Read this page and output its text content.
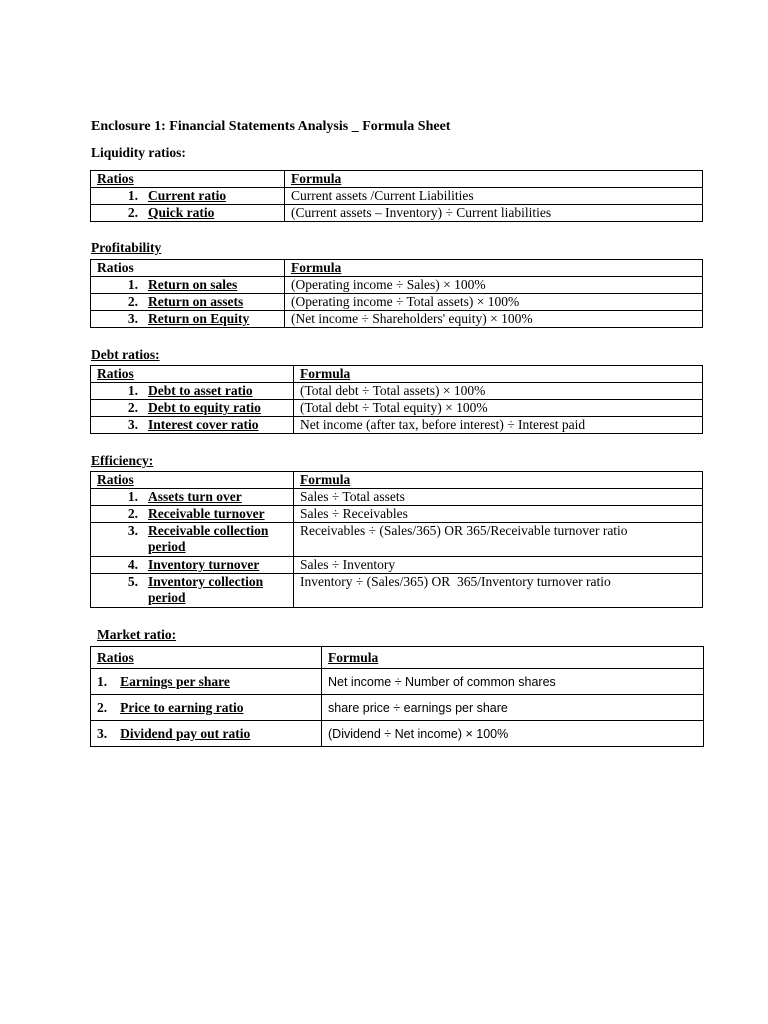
Enclosure 1: Financial Statements Analysis _ Formula Sheet
Liquidity ratios:
Ratios	Formula
1. Current ratio	Current assets /Current Liabilities
2. Quick ratio	(Current assets – Inventory) ÷ Current liabilities
Profitability
Ratios	Formula
1. Return on sales	(Operating income ÷ Sales) × 100%
2. Return on assets	(Operating income ÷ Total assets) × 100%
3. Return on Equity	(Net income ÷ Shareholders' equity) × 100%
Debt ratios:
Ratios	Formula
1. Debt to asset ratio	(Total debt ÷ Total assets) × 100%
2. Debt to equity ratio	(Total debt ÷ Total equity) × 100%
3. Interest cover ratio	Net income (after tax, before interest) ÷ Interest paid
Efficiency:
Ratios	Formula
1. Assets turn over	Sales ÷ Total assets
2. Receivable turnover	Sales ÷ Receivables

3. Receivable collection period	Receivables ÷ (Sales/365) OR 365/Receivable turnover ratio
4. Inventory turnover	Sales ÷ Inventory

5. Inventory collection period	Inventory ÷ (Sales/365) OR  365/Inventory turnover ratio
Market ratio:
Ratios	Formula
1. Earnings per share	Net income ÷ Number of common shares
2. Price to earning ratio	share price ÷ earnings per share
3. Dividend pay out ratio	(Dividend ÷ Net income) × 100%
